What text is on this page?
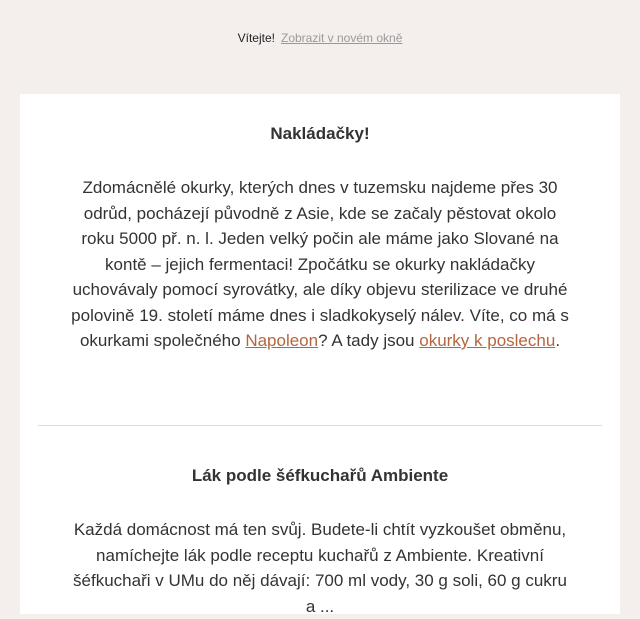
Vítejte! Zobrazit v novém okně
Nakládačky!

Zdomácnělé okurky, kterých dnes v tuzemsku najdeme přes 30 odrůd, pocházejí původně z Asie, kde se začaly pěstovat okolo roku 5000 př. n. l. Jeden velký počin ale máme jako Slované na kontě – jejich fermentaci! Zpočátku se okurky nakládačky uchovávaly pomocí syrovátky, ale díky objevu sterilizace ve druhé polovině 19. století máme dnes i sladkokyselý nálev. Víte, co má s okurkami společného Napoleon? A tady jsou okurky k poslechu.

Lák podle šéfkuchařů Ambiente

Každá domácnost má ten svůj. Budete-li chtít vyzkoušet obměnu, namíchejte lák podle receptu kuchařů z Ambiente. Kreativní šéfkuchaři v UMu do něj dávají: 700 ml vody, 30 g soli, 60 g cukru a ...
